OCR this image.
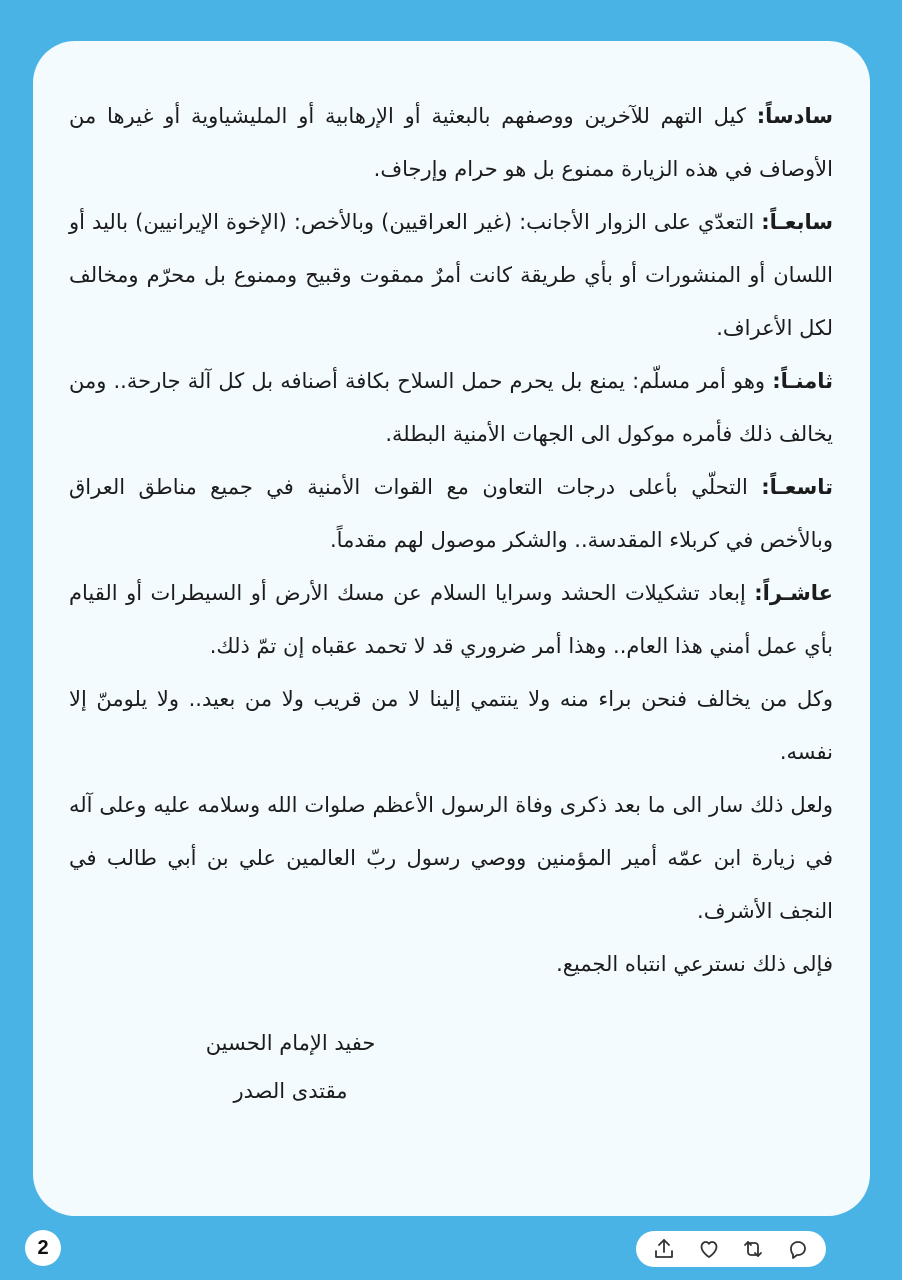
سادساً: كيل التهم للآخرين ووصفهم بالبعثية أو الإرهابية أو المليشياوية أو غيرها من الأوصاف في هذه الزيارة ممنوع بل هو حرام وإرجاف.

سابعـاً: التعدّي على الزوار الأجانب: (غير العراقيين) وبالأخص: (الإخوة الإيرانيين) باليد أو اللسان أو المنشورات أو بأي طريقة كانت أمرٌ ممقوت وقبيح وممنوع بل محرّم ومخالف لكل الأعراف.

ثامنـاً: وهو أمر مسلّم: يمنع بل يحرم حمل السلاح بكافة أصنافه بل كل آلة جارحة.. ومن يخالف ذلك فأمره موكول الى الجهات الأمنية البطلة.

تاسعـاً: التحلّي بأعلى درجات التعاون مع القوات الأمنية في جميع مناطق العراق وبالأخص في كربلاء المقدسة.. والشكر موصول لهم مقدماً.

عاشـراً: إبعاد تشكيلات الحشد وسرايا السلام عن مسك الأرض أو السيطرات أو القيام بأي عمل أمني هذا العام.. وهذا أمر ضروري قد لا تحمد عقباه إن تمّ ذلك.

وكل من يخالف فنحن براء منه ولا ينتمي إلينا لا من قريب ولا من بعيد.. ولا يلومنّ إلا نفسه.

ولعل ذلك سار الى ما بعد ذكرى وفاة الرسول الأعظم صلوات الله وسلامه عليه وعلى آله في زيارة ابن عمّه أمير المؤمنين ووصي رسول ربّ العالمين علي بن أبي طالب في النجف الأشرف.

فإلى ذلك نسترعي انتباه الجميع.

حفيد الإمام الحسين
مقتدى الصدر
2
